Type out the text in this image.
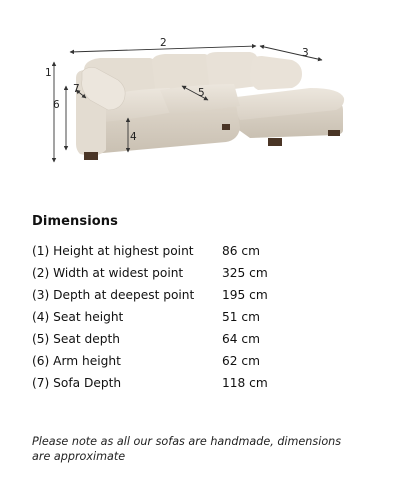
1
2
3
4
5
6
7
Dimensions
(1) Height at highest point 86 cm
(2) Width at widest point	325 cm
(3) Depth at deepest point 195 cm
(4) Seat height	51 cm
(5) Seat depth	64 cm
(6) Arm height	62 cm
(7) Sofa Depth	118 cm
Please note as all our sofas are handmade, dimensions are approximate
